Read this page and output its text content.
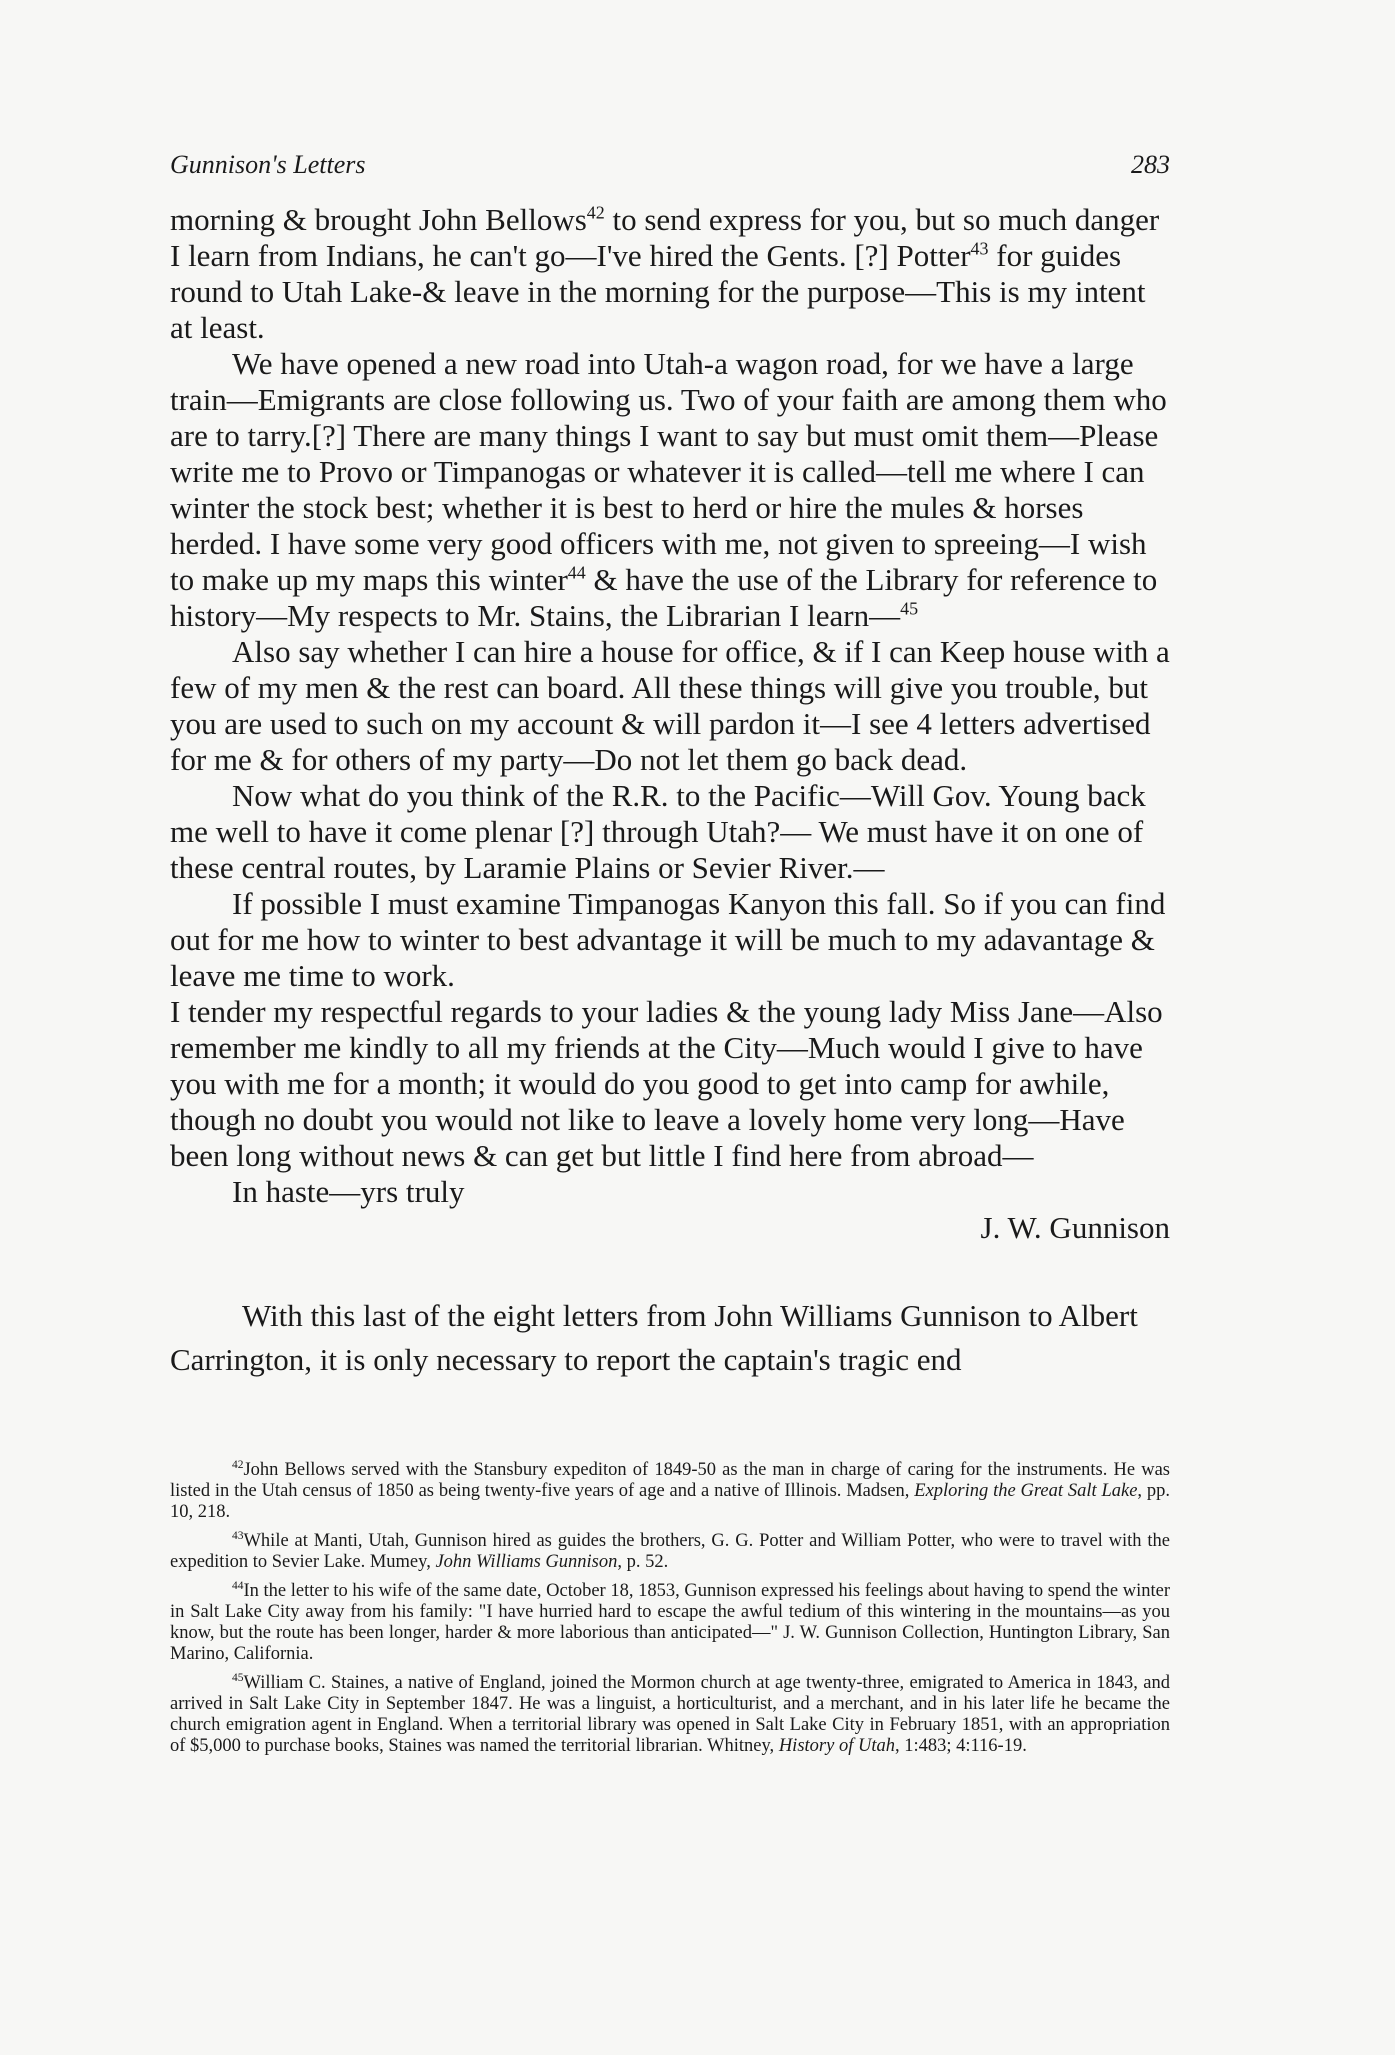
Gunnison's Letters	283

morning & brought John Bellows$^{42}$ to send express for you, but so much danger I learn from Indians, he can't go—I've hired the Gents. [?] Potter$^{43}$ for guides round to Utah Lake-& leave in the morning for the purpose—This is my intent at least.

We have opened a new road into Utah-a wagon road, for we have a large train—Emigrants are close following us. Two of your faith are among them who are to tarry.[?] There are many things I want to say but must omit them—Please write me to Provo or Timpanogas or whatever it is called—tell me where I can winter the stock best; whether it is best to herd or hire the mules & horses herded. I have some very good officers with me, not given to spreeing—I wish to make up my maps this winter$^{44}$ & have the use of the Library for reference to history—My respects to Mr. Stains, the Librarian I learn—$^{45}$

Also say whether I can hire a house for office, & if I can Keep house with a few of my men & the rest can board. All these things will give you trouble, but you are used to such on my account & will pardon it—I see 4 letters advertised for me & for others of my party—Do not let them go back dead.

Now what do you think of the R.R. to the Pacific—Will Gov. Young back me well to have it come plenar [?] through Utah?— We must have it on one of these central routes, by Laramie Plains or Sevier River.—

If possible I must examine Timpanogas Kanyon this fall. So if you can find out for me how to winter to best advantage it will be much to my adavantage & leave me time to work.

I tender my respectful regards to your ladies & the young lady Miss Jane—Also remember me kindly to all my friends at the City—Much would I give to have you with me for a month; it would do you good to get into camp for awhile, though no doubt you would not like to leave a lovely home very long—Have been long without news & can get but little I find here from abroad—

In haste—yrs truly

J. W. Gunnison

With this last of the eight letters from John Williams Gunnison to Albert Carrington, it is only necessary to report the captain's tragic end

$^{42}$John Bellows served with the Stansbury expediton of 1849-50 as the man in charge of caring for the instruments. He was listed in the Utah census of 1850 as being twenty-five years of age and a native of Illinois. Madsen, Exploring the Great Salt Lake, pp. 10, 218.

$^{43}$While at Manti, Utah, Gunnison hired as guides the brothers, G. G. Potter and William Potter, who were to travel with the expedition to Sevier Lake. Mumey, John Williams Gunnison, p. 52.

$^{44}$In the letter to his wife of the same date, October 18, 1853, Gunnison expressed his feelings about having to spend the winter in Salt Lake City away from his family: "I have hurried hard to escape the awful tedium of this wintering in the mountains—as you know, but the route has been longer, harder & more laborious than anticipated—" J. W. Gunnison Collection, Huntington Library, San Marino, California.

$^{45}$William C. Staines, a native of England, joined the Mormon church at age twenty-three, emigrated to America in 1843, and arrived in Salt Lake City in September 1847. He was a linguist, a horticulturist, and a merchant, and in his later life he became the church emigration agent in England. When a territorial library was opened in Salt Lake City in February 1851, with an appropriation of $5,000 to purchase books, Staines was named the territorial librarian. Whitney, History of Utah, 1:483; 4:116-19.
